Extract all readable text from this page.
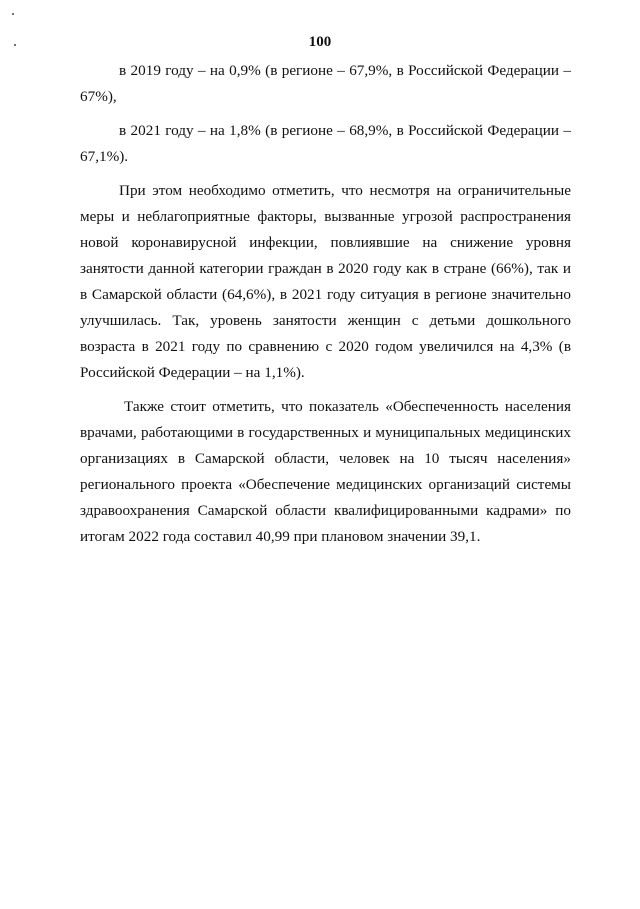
100

в 2019 году – на 0,9% (в регионе – 67,9%, в Российской Федерации – 67%),

в 2021 году – на 1,8% (в регионе – 68,9%, в Российской Федерации – 67,1%).

При этом необходимо отметить, что несмотря на ограничительные меры и неблагоприятные факторы, вызванные угрозой распространения новой коронавирусной инфекции, повлиявшие на снижение уровня занятости данной категории граждан в 2020 году как в стране (66%), так и в Самарской области (64,6%), в 2021 году ситуация в регионе значительно улучшилась. Так, уровень занятости женщин с детьми дошкольного возраста в 2021 году по сравнению с 2020 годом увеличился на 4,3% (в Российской Федерации – на 1,1%).

Также стоит отметить, что показатель «Обеспеченность населения врачами, работающими в государственных и муниципальных медицинских организациях в Самарской области, человек на 10 тысяч населения» регионального проекта «Обеспечение медицинских организаций системы здравоохранения Самарской области квалифицированными кадрами» по итогам 2022 года составил 40,99 при плановом значении 39,1.
